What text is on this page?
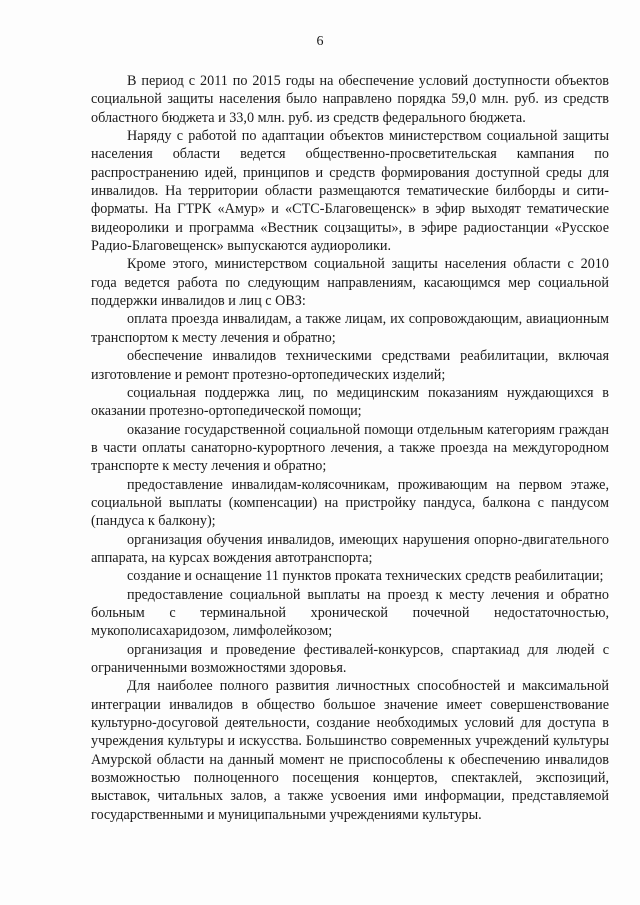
6

В период с 2011 по 2015 годы на обеспечение условий доступности объектов социальной защиты населения было направлено порядка 59,0 млн. руб. из средств областного бюджета и 33,0 млн. руб. из средств федерального бюджета.

Наряду с работой по адаптации объектов министерством социальной защиты населения области ведется общественно-просветительская кампания по распространению идей, принципов и средств формирования доступной среды для инвалидов. На территории области размещаются тематические билборды и сити-форматы. На ГТРК «Амур» и «СТС-Благовещенск» в эфир выходят тематические видеоролики и программа «Вестник соцзащиты», в эфире радиостанции «Русское Радио-Благовещенск» выпускаются аудиоролики.

Кроме этого, министерством социальной защиты населения области с 2010 года ведется работа по следующим направлениям, касающимся мер социальной поддержки инвалидов и лиц с ОВЗ:

оплата проезда инвалидам, а также лицам, их сопровождающим, авиационным транспортом к месту лечения и обратно;

обеспечение инвалидов техническими средствами реабилитации, включая изготовление и ремонт протезно-ортопедических изделий;

социальная поддержка лиц, по медицинским показаниям нуждающихся в оказании протезно-ортопедической помощи;

оказание государственной социальной помощи отдельным категориям граждан в части оплаты санаторно-курортного лечения, а также проезда на междугородном транспорте к месту лечения и обратно;

предоставление инвалидам-колясочникам, проживающим на первом этаже, социальной выплаты (компенсации) на пристройку пандуса, балкона с пандусом (пандуса к балкону);

организация обучения инвалидов, имеющих нарушения опорно-двигательного аппарата, на курсах вождения автотранспорта;

создание и оснащение 11 пунктов проката технических средств реабилитации;

предоставление социальной выплаты на проезд к месту лечения и обратно больным с терминальной хронической почечной недостаточностью, мукополисахаридозом, лимфолейкозом;

организация и проведение фестивалей-конкурсов, спартакиад для людей с ограниченными возможностями здоровья.

Для наиболее полного развития личностных способностей и максимальной интеграции инвалидов в общество большое значение имеет совершенствование культурно-досуговой деятельности, создание необходимых условий для доступа в учреждения культуры и искусства. Большинство современных учреждений культуры Амурской области на данный момент не приспособлены к обеспечению инвалидов возможностью полноценного посещения концертов, спектаклей, экспозиций, выставок, читальных залов, а также усвоения ими информации, представляемой государственными и муниципальными учреждениями культуры.
